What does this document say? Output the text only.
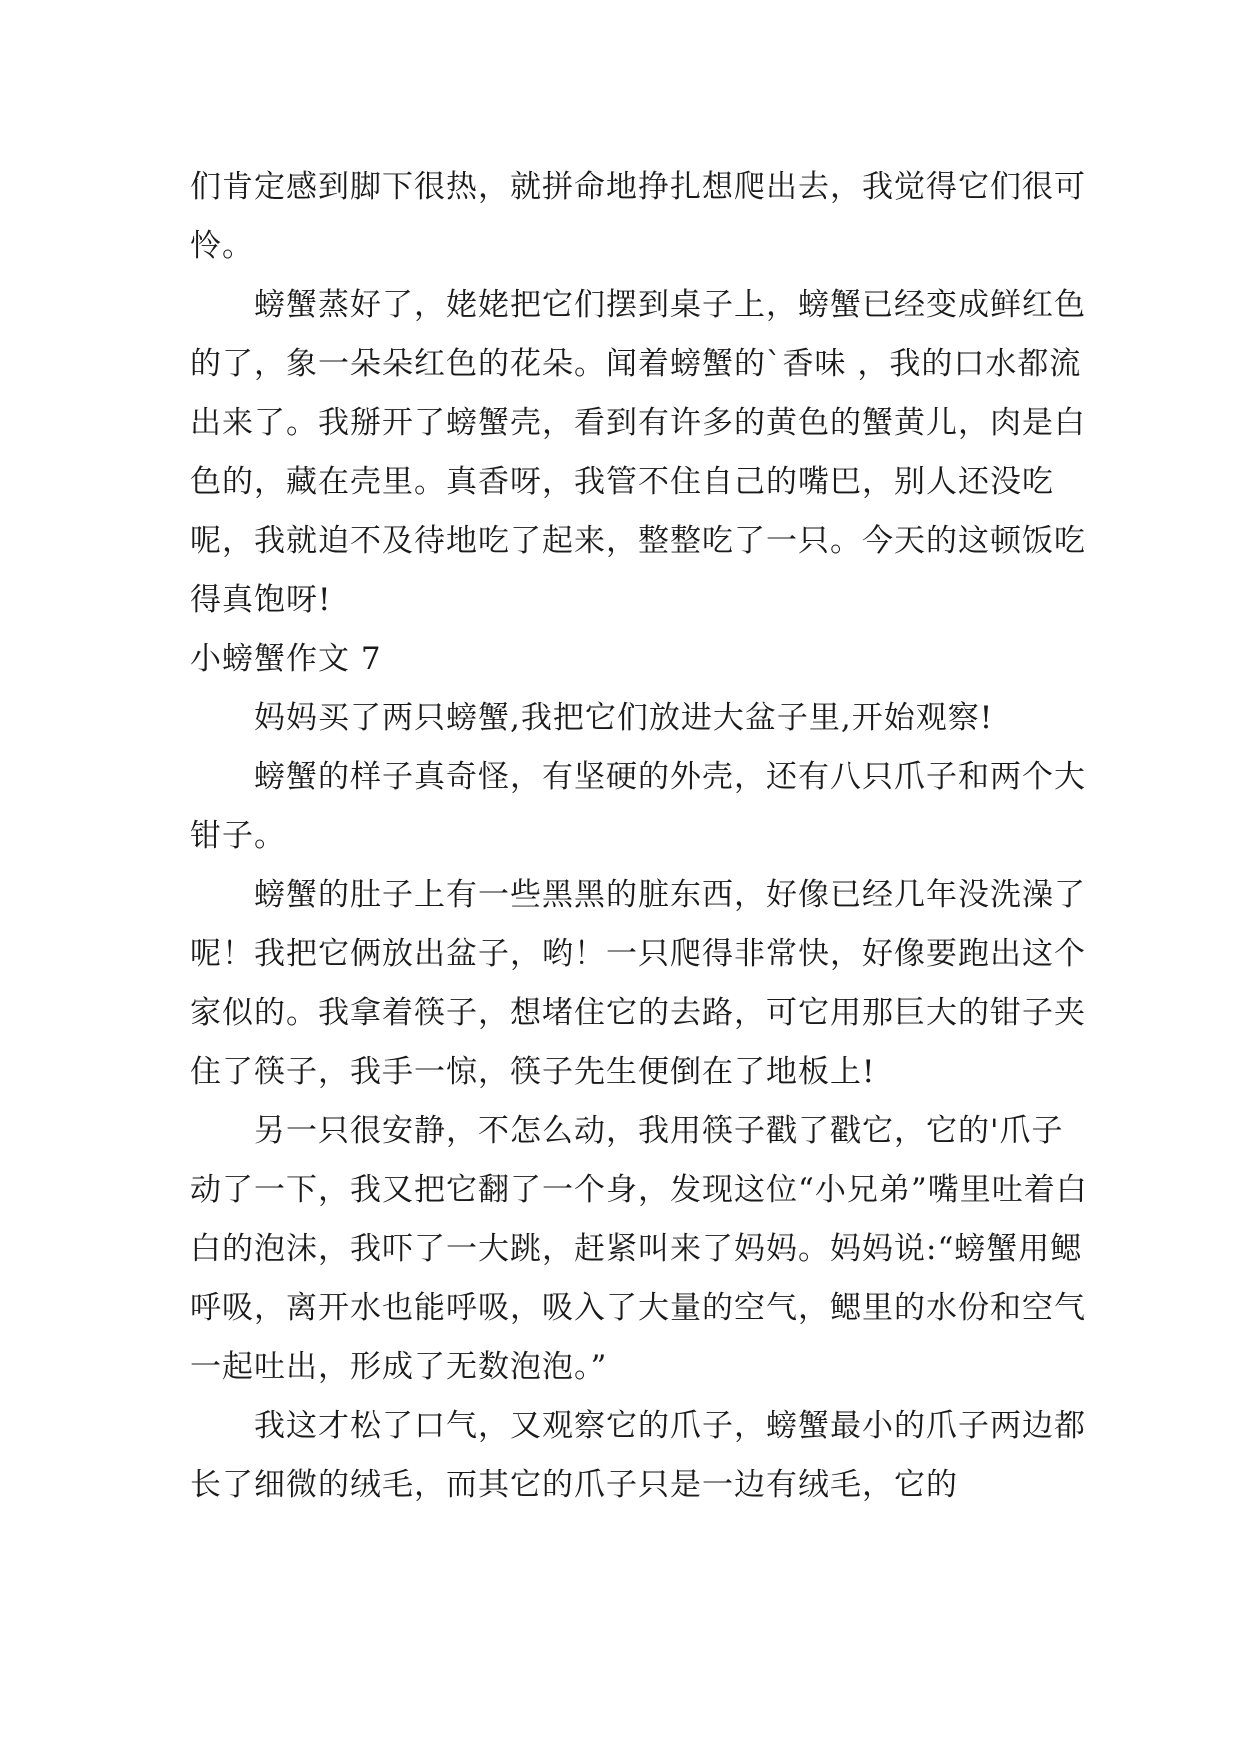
们肯定感到脚下很热，就拼命地挣扎想爬出去，我觉得它们很可怜。

螃蟹蒸好了，姥姥把它们摆到桌子上，螃蟹已经变成鲜红色的了，象一朵朵红色的花朵。闻着螃蟹的`香味 ，我的口水都流出来了。我掰开了螃蟹壳，看到有许多的黄色的蟹黄儿，肉是白色的，藏在壳里。真香呀，我管不住自己的嘴巴，别人还没吃呢，我就迫不及待地吃了起来，整整吃了一只。今天的这顿饭吃得真饱呀!

小螃蟹作文 7

妈妈买了两只螃蟹,我把它们放进大盆子里,开始观察!

螃蟹的样子真奇怪，有坚硬的外壳，还有八只爪子和两个大钳子。

螃蟹的肚子上有一些黑黑的脏东西，好像已经几年没洗澡了呢！我把它俩放出盆子，哟！一只爬得非常快，好像要跑出这个家似的。我拿着筷子，想堵住它的去路，可它用那巨大的钳子夹住了筷子，我手一惊，筷子先生便倒在了地板上!

另一只很安静，不怎么动，我用筷子戳了戳它，它的'爪子动了一下，我又把它翻了一个身，发现这位“小兄弟”嘴里吐着白白的泡沫，我吓了一大跳，赶紧叫来了妈妈。妈妈说:“螃蟹用鳃呼吸，离开水也能呼吸，吸入了大量的空气，鳃里的水份和空气一起吐出，形成了无数泡泡。”

我这才松了口气，又观察它的爪子，螃蟹最小的爪子两边都长了细微的绒毛，而其它的爪子只是一边有绒毛，它的
